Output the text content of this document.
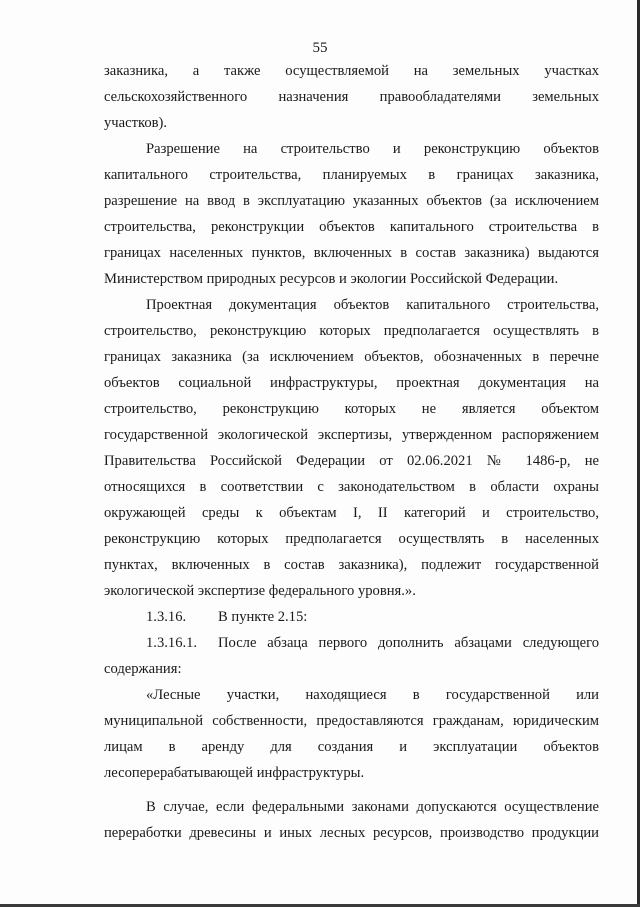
55
заказника, а также осуществляемой на земельных участках
сельскохозяйственного назначения правообладателями земельных
участков).
Разрешение на строительство и реконструкцию объектов
капитального строительства, планируемых в границах заказника,
разрешение на ввод в эксплуатацию указанных объектов (за исключением
строительства, реконструкции объектов капитального строительства в
границах населенных пунктов, включенных в состав заказника) выдаются
Министерством природных ресурсов и экологии Российской Федерации.
Проектная документация объектов капитального строительства,
строительство, реконструкцию которых предполагается осуществлять в
границах заказника (за исключением объектов, обозначенных в перечне
объектов социальной инфраструктуры, проектная документация на
строительство, реконструкцию которых не является объектом
государственной экологической экспертизы, утвержденном распоряжением
Правительства Российской Федерации от 02.06.2021 № 1486-р, не
относящихся в соответствии с законодательством в области охраны
окружающей среды к объектам I, II категорий и строительство,
реконструкцию которых предполагается осуществлять в населенных
пунктах, включенных в состав заказника), подлежит государственной
экологической экспертизе федерального уровня.».
1.3.16. В пункте 2.15:
1.3.16.1. После абзаца первого дополнить абзацами следующего
содержания:
«Лесные участки, находящиеся в государственной или
муниципальной собственности, предоставляются гражданам, юридическим
лицам в аренду для создания и эксплуатации объектов
лесоперерабатывающей инфраструктуры.
В случае, если федеральными законами допускаются осуществление
переработки древесины и иных лесных ресурсов, производство продукции
